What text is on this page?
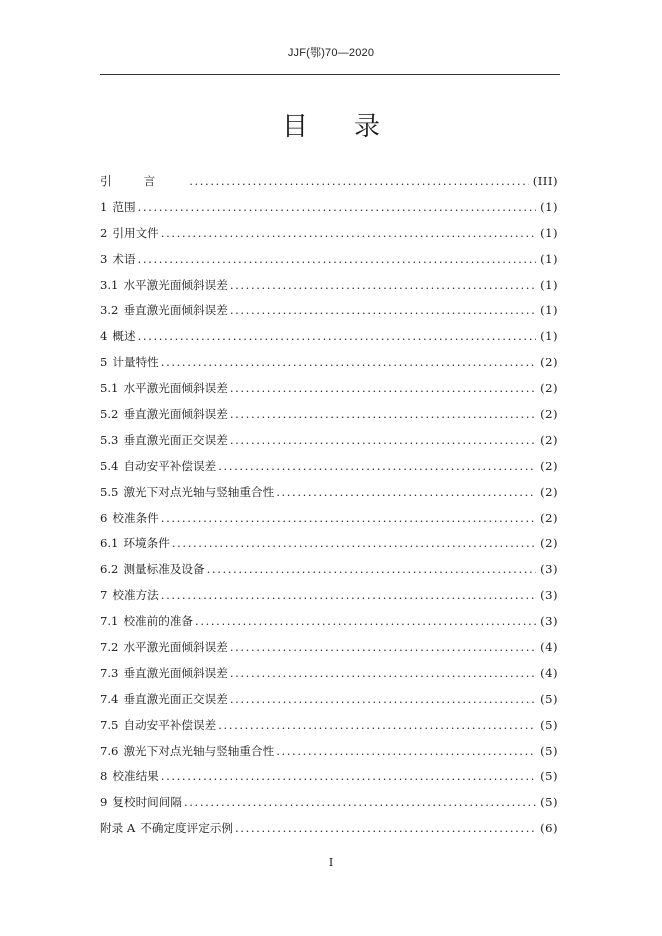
JJF(鄂)70—2020
目 录
引言 .....	(III)
1 范围 .....	(1)
2 引用文件 .....	(1)
3 术语 .....	(1)
3.1 水平激光面倾斜误差 .....	(1)
3.2 垂直激光面倾斜误差 .....	(1)
4 概述 .....	(1)
5 计量特性 .....	(2)
5.1 水平激光面倾斜误差 .....	(2)
5.2 垂直激光面倾斜误差 .....	(2)
5.3 垂直激光面正交误差 .....	(2)
5.4 自动安平补偿误差 .....	(2)
5.5 激光下对点光轴与竖轴重合性 .....	(2)
6 校准条件 .....	(2)
6.1 环境条件 .....	(2)
6.2 测量标准及设备 .....	(3)
7 校准方法 .....	(3)
7.1 校准前的准备 .....	(3)
7.2 水平激光面倾斜误差 .....	(4)
7.3 垂直激光面倾斜误差 .....	(4)
7.4 垂直激光面正交误差 .....	(5)
7.5 自动安平补偿误差 .....	(5)
7.6 激光下对点光轴与竖轴重合性 .....	(5)
8 校准结果 .....	(5)
9 复校时间间隔 .....	(5)
附录 A 不确定度评定示例 .....	(6)
I
